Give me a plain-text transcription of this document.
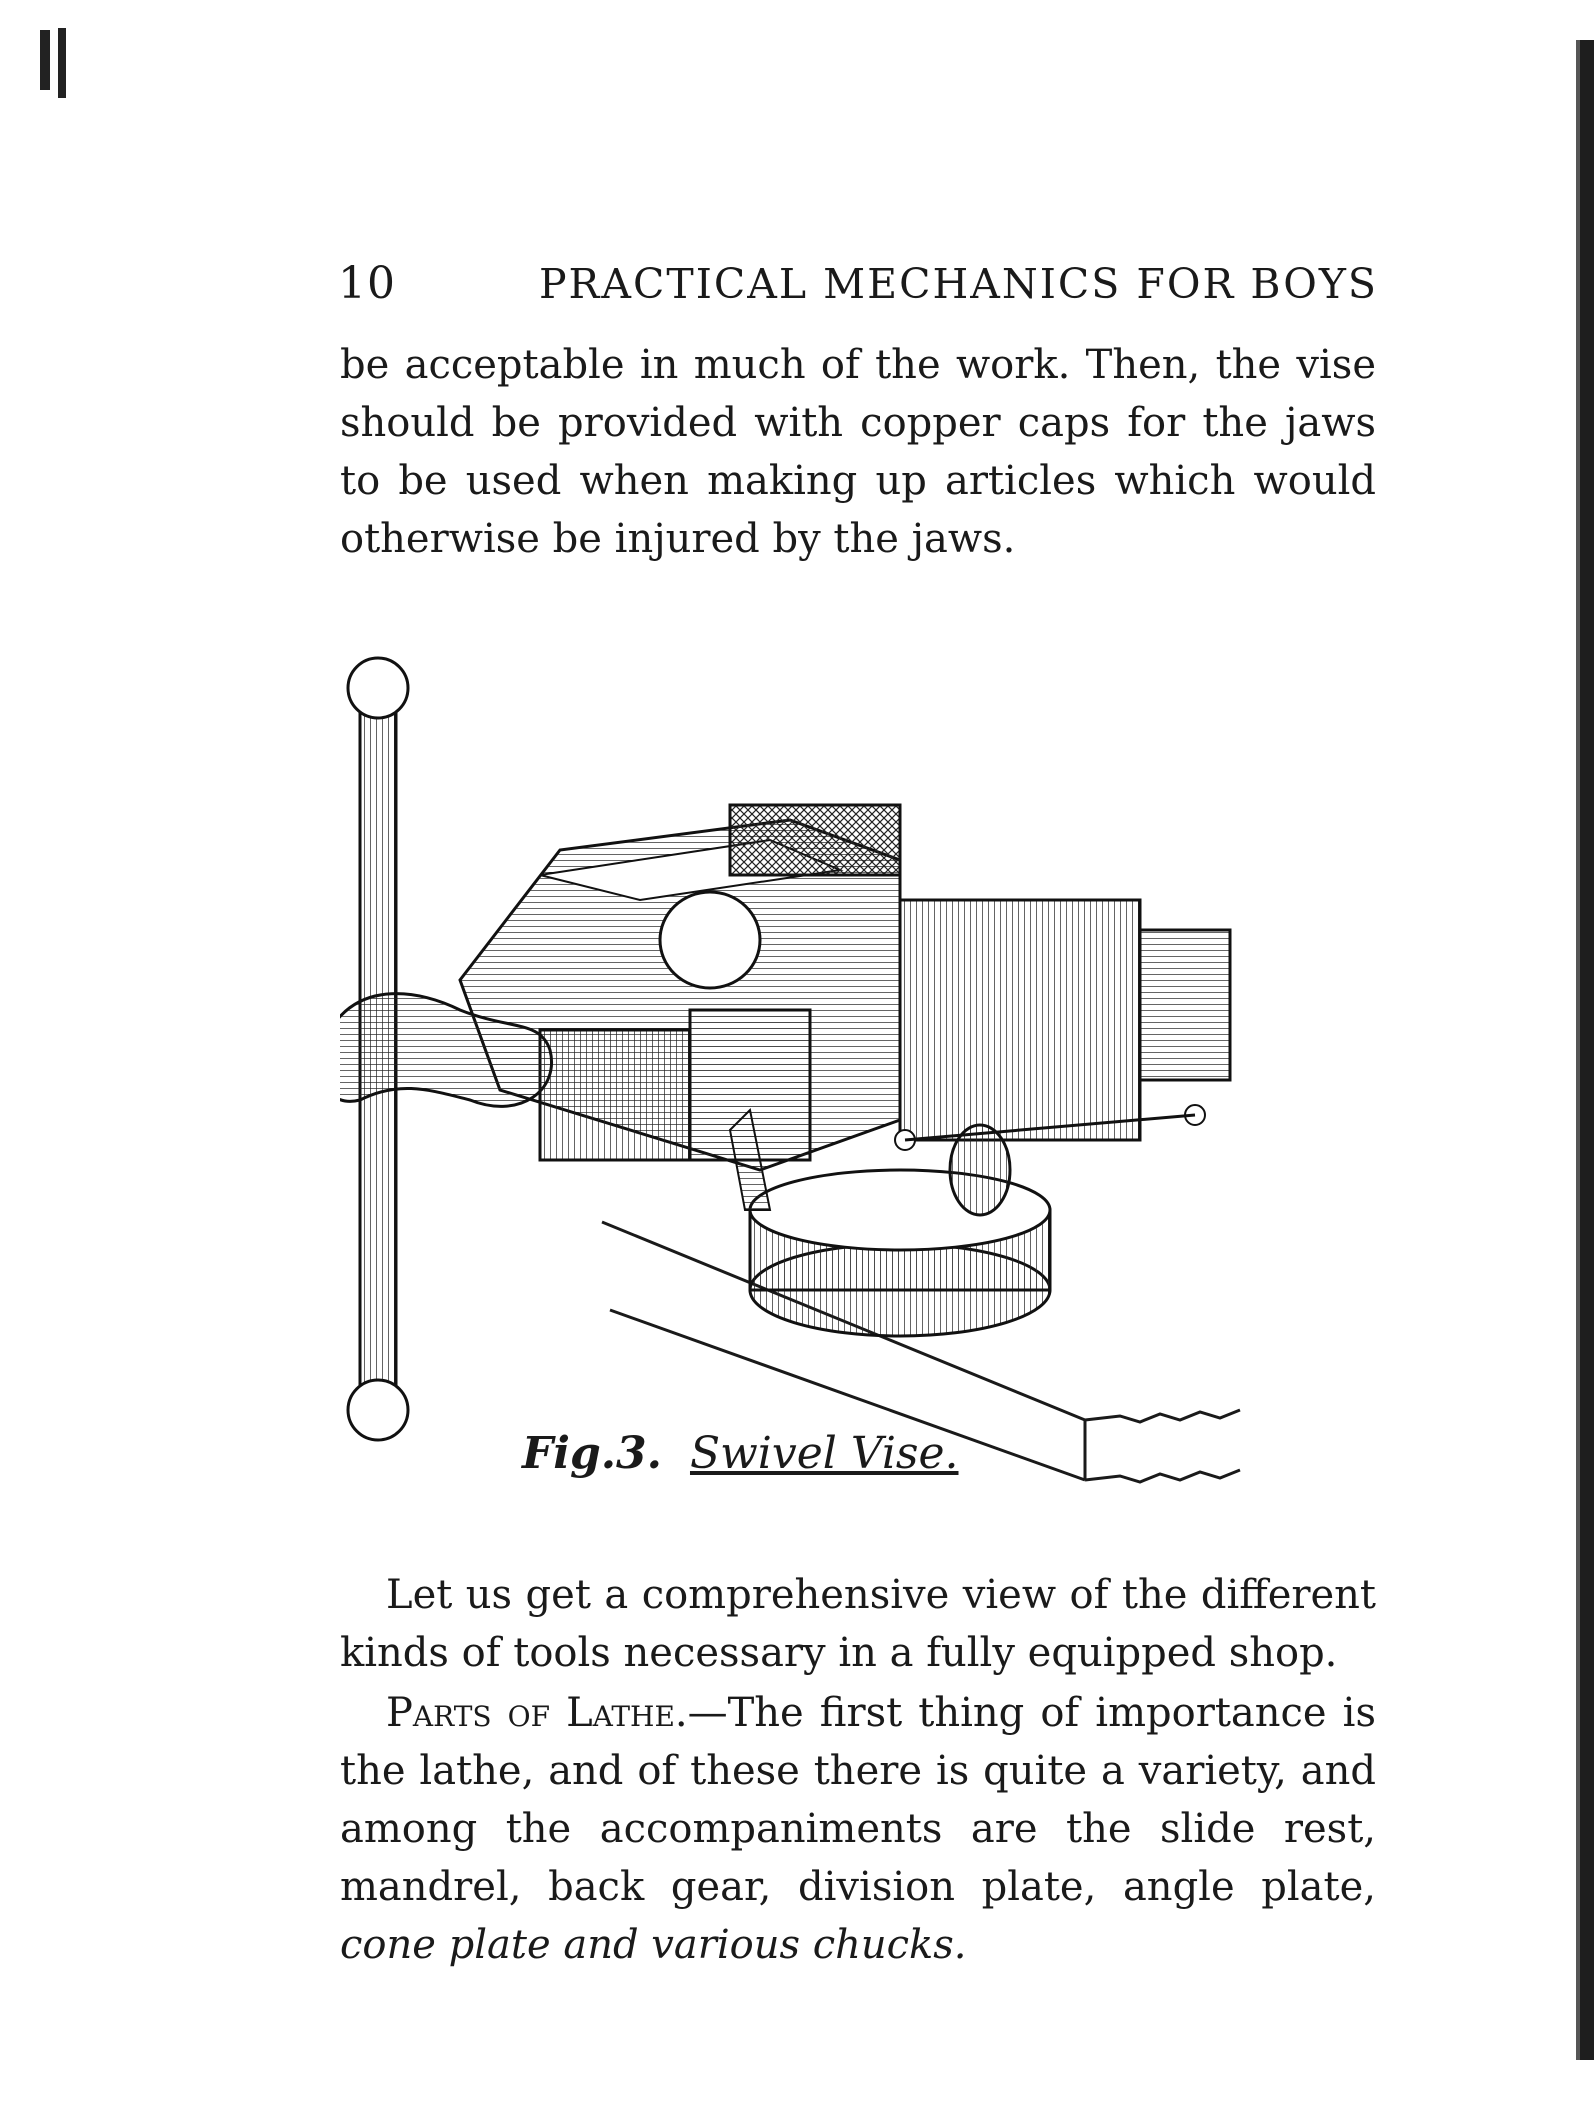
10	PRACTICAL MECHANICS FOR BOYS
be acceptable in much of the work. Then, the vise should be provided with copper caps for the jaws to be used when making up articles which would otherwise be injured by the jaws.
Fig.3. Swivel Vise.
Let us get a comprehensive view of the different kinds of tools necessary in a fully equipped shop.
Parts of Lathe.—The first thing of importance is the lathe, and of these there is quite a variety, and among the accompaniments are the slide rest, mandrel, back gear, division plate, angle plate, cone plate and various chucks.
